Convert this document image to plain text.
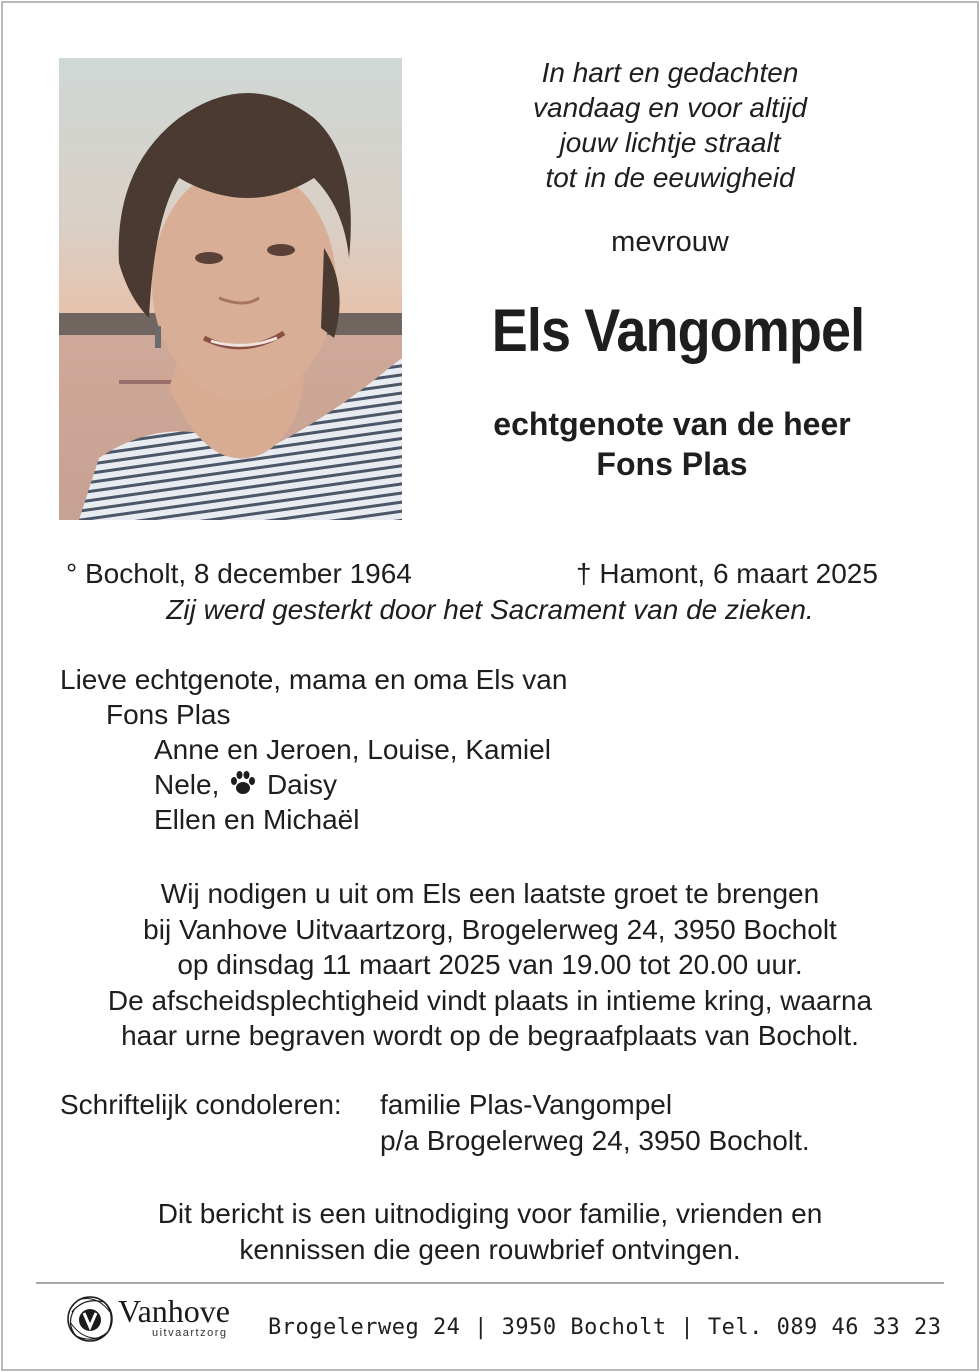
In hart en gedachten
vandaag en voor altijd
jouw lichtje straalt
tot in de eeuwigheid
mevrouw
Els Vangompel
echtgenote van de heer
Fons Plas
° Bocholt, 8 december 1964	† Hamont, 6 maart 2025
Zij werd gesterkt door het Sacrament van de zieken.
Lieve echtgenote, mama en oma Els van
Fons Plas
Anne en Jeroen, Louise, Kamiel
Nele, Daisy
Ellen en Michaël
Wij nodigen u uit om Els een laatste groet te brengen
bij Vanhove Uitvaartzorg, Brogelerweg 24, 3950 Bocholt
op dinsdag 11 maart 2025 van 19.00 tot 20.00 uur.
De afscheidsplechtigheid vindt plaats in intieme kring, waarna
haar urne begraven wordt op de begraafplaats van Bocholt.
Schriftelijk condoleren: familie Plas-Vangompel
p/a Brogelerweg 24, 3950 Bocholt.
Dit bericht is een uitnodiging voor familie, vrienden en
kennissen die geen rouwbrief ontvingen.
Vanhove
uitvaartzorg Brogelerweg 24 | 3950 Bocholt | Tel. 089 46 33 23
